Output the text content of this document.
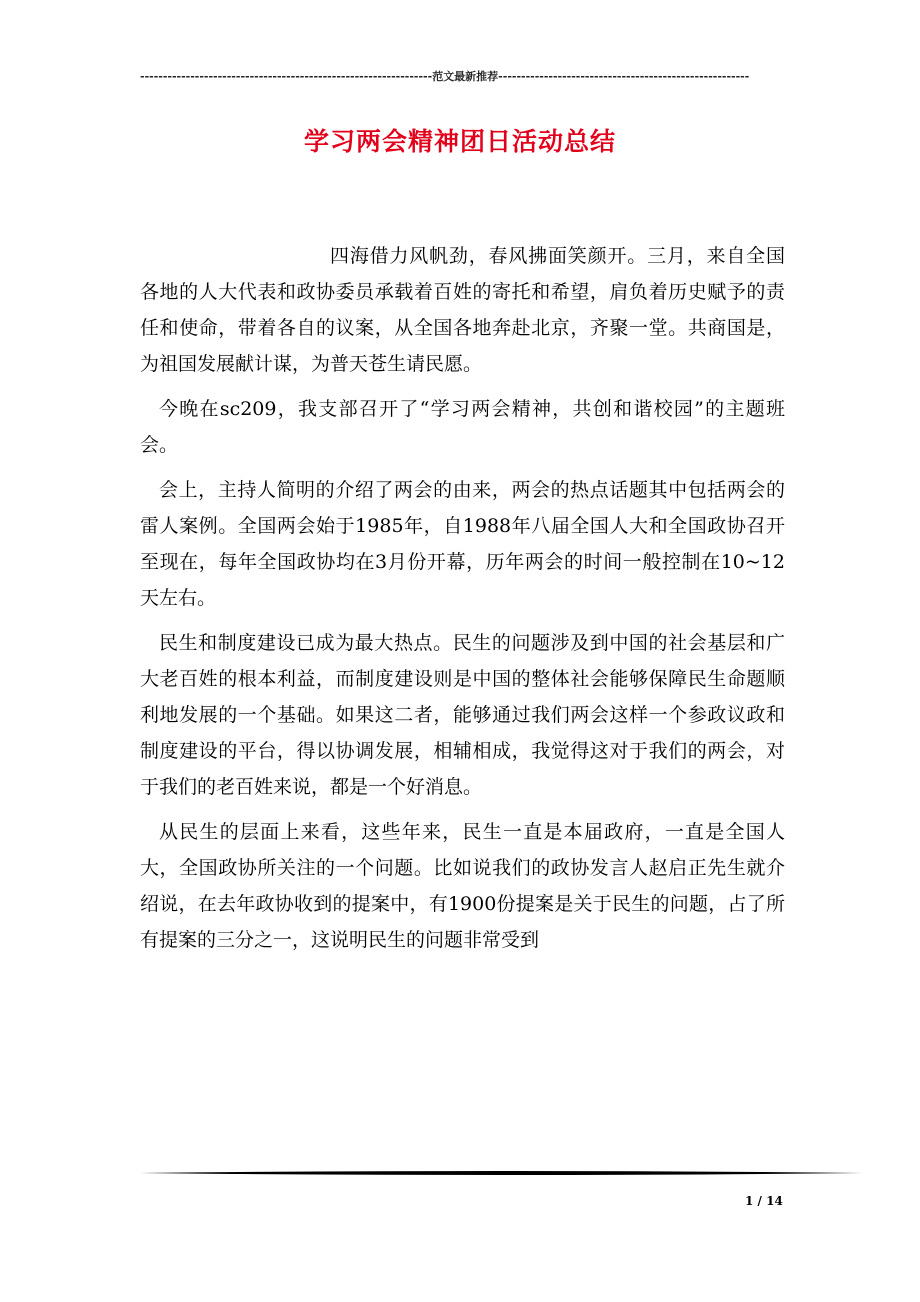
----------------------------------------------------------------范文最新推荐-------------------------------------------------------
学习两会精神团日活动总结

四海借力风帆劲，春风拂面笑颜开。三月，来自全国各地的人大代表和政协委员承载着百姓的寄托和希望，肩负着历史赋予的责任和使命，带着各自的议案，从全国各地奔赴北京，齐聚一堂。共商国是，为祖国发展献计谋，为普天苍生请民愿。

今晚在sc209，我支部召开了“学习两会精神，共创和谐校园”的主题班会。

会上，主持人简明的介绍了两会的由来，两会的热点话题其中包括两会的雷人案例。全国两会始于1985年，自1988年八届全国人大和全国政协召开至现在，每年全国政协均在3月份开幕，历年两会的时间一般控制在10~12天左右。

民生和制度建设已成为最大热点。民生的问题涉及到中国的社会基层和广大老百姓的根本利益，而制度建设则是中国的整体社会能够保障民生命题顺利地发展的一个基础。如果这二者，能够通过我们两会这样一个参政议政和制度建设的平台，得以协调发展，相辅相成，我觉得这对于我们的两会，对于我们的老百姓来说，都是一个好消息。

从民生的层面上来看，这些年来，民生一直是本届政府，一直是全国人大，全国政协所关注的一个问题。比如说我们的政协发言人赵启正先生就介绍说，在去年政协收到的提案中，有1900份提案是关于民生的问题，占了所有提案的三分之一，这说明民生的问题非常受到

1 / 14
